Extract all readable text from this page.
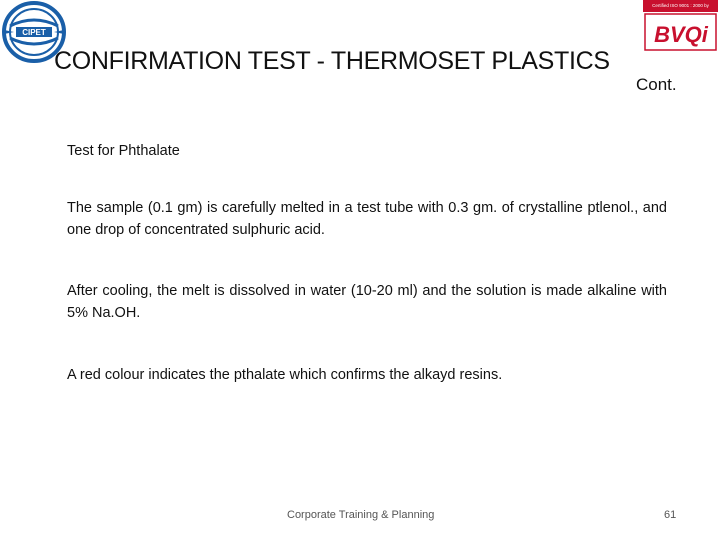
CIPET
Certified ISO 9001 : 2000 by
BVQi
CONFIRMATION TEST - THERMOSET PLASTICS
Cont.

Test for Phthalate

The sample (0.1 gm) is carefully melted in a test tube with 0.3 gm. of crystalline ptlenol., and one drop of concentrated sulphuric acid.

After cooling, the melt is dissolved in water (10-20 ml) and the solution is made alkaline with 5% Na.OH.

A red colour indicates the pthalate which confirms the alkayd resins.

Corporate Training & Planning	61
